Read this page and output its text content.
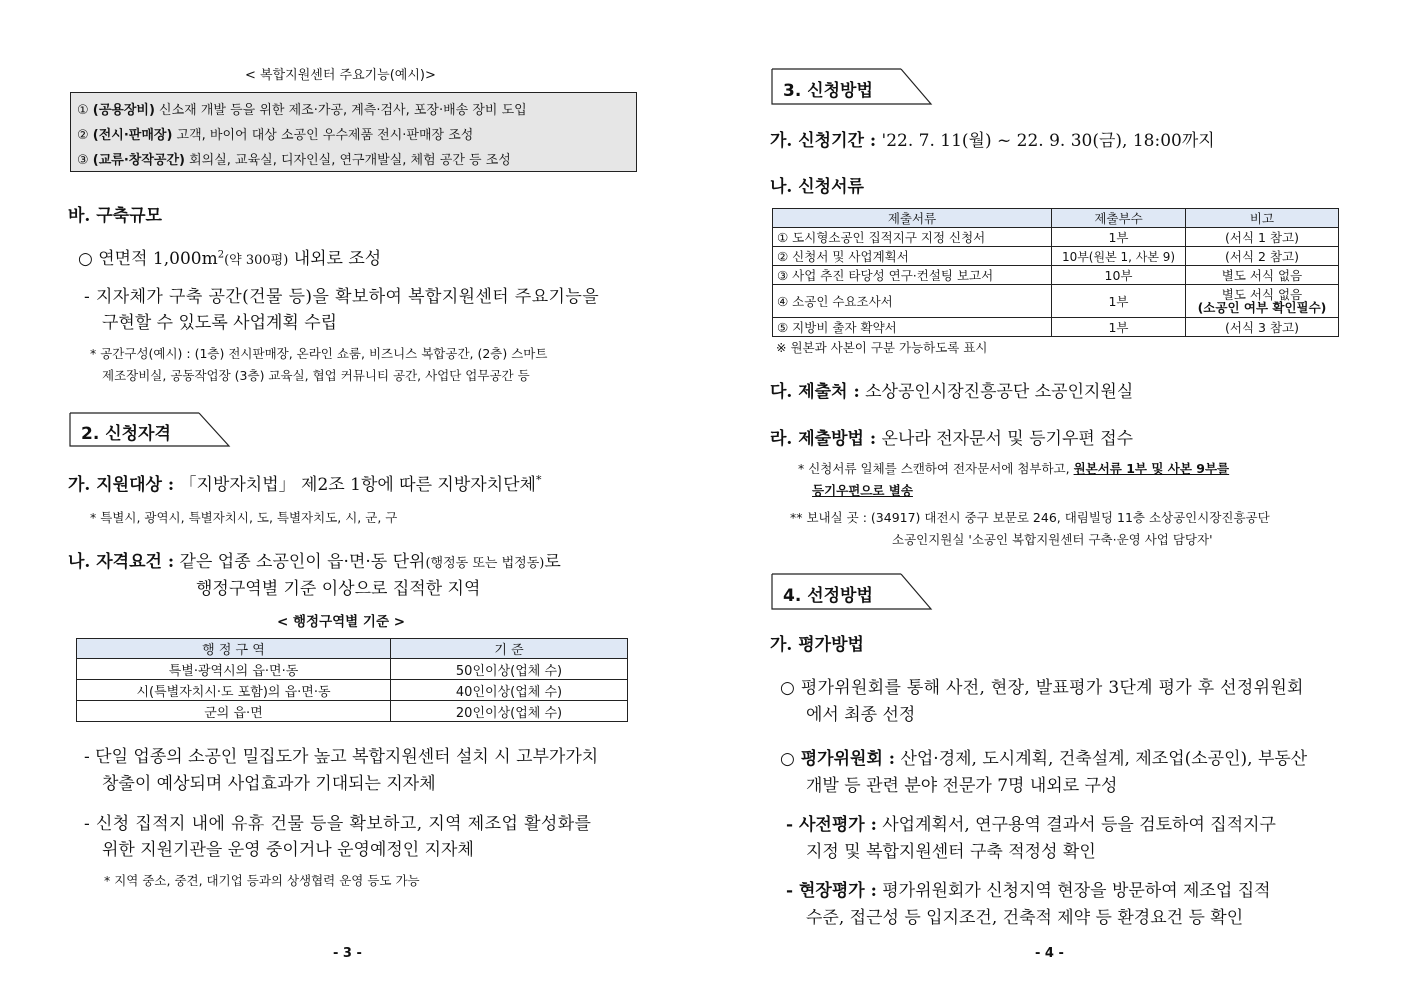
< 복합지원센터 주요기능(예시)>
① (공용장비) 신소재 개발 등을 위한 제조·가공, 계측·검사, 포장·배송 장비 도입
② (전시·판매장) 고객, 바이어 대상 소공인 우수제품 전시·판매장 조성
③ (교류·창작공간) 회의실, 교육실, 디자인실, 연구개발실, 체험 공간 등 조성
바. 구축규모
○ 연면적 $1,000m^2$(약 300평) 내외로 조성
- 지자체가 구축 공간(건물 등)을 확보하여 복합지원센터 주요기능을
구현할 수 있도록 사업계획 수립
* 공간구성(예시) : (1층) 전시판매장, 온라인 쇼룸, 비즈니스 복합공간, (2층) 스마트
제조장비실, 공동작업장 (3층) 교육실, 협업 커뮤니티 공간, 사업단 업무공간 등
2. 신청자격
가. 지원대상 : 「지방자치법」 제2조 1항에 따른 지방자치단체*
* 특별시, 광역시, 특별자치시, 도, 특별자치도, 시, 군, 구
나. 자격요건 : 같은 업종 소공인이 읍·면·동 단위(행정동 또는 법정동)로
행정구역별 기준 이상으로 집적한 지역
< 행정구역별 기준 >
행 정 구 역	기 준
특별·광역시의 읍·면·동	50인이상(업체 수)
시(특별자치시·도 포함)의 읍·면·동	40인이상(업체 수)
군의 읍·면	20인이상(업체 수)
- 단일 업종의 소공인 밀집도가 높고 복합지원센터 설치 시 고부가가치
창출이 예상되며 사업효과가 기대되는 지자체
- 신청 집적지 내에 유휴 건물 등을 확보하고, 지역 제조업 활성화를
위한 지원기관을 운영 중이거나 운영예정인 지자체
* 지역 중소, 중견, 대기업 등과의 상생협력 운영 등도 가능
- 3 -
3. 신청방법
가. 신청기간 : '22. 7. 11(월) ~ 22. 9. 30(금), 18:00까지
나. 신청서류
제출서류	제출부수	비고
① 도시형소공인 집적지구 지정 신청서	1부	(서식 1 참고)
② 신청서 및 사업계획서	10부(원본 1, 사본 9)	(서식 2 참고)
③ 사업 추진 타당성 연구·컨설팅 보고서	10부	별도 서식 없음
④ 소공인 수요조사서	1부	별도 서식 없음
(소공인 여부 확인필수)

⑤ 지방비 출자 확약서	1부	(서식 3 참고)
※ 원본과 사본이 구분 가능하도록 표시
다. 제출처 : 소상공인시장진흥공단 소공인지원실
라. 제출방법 : 온나라 전자문서 및 등기우편 접수
* 신청서류 일체를 스캔하여 전자문서에 첨부하고, 원본서류 1부 및 사본 9부를
등기우편으로 별송
** 보내실 곳 : (34917) 대전시 중구 보문로 246, 대림빌딩 11층 소상공인시장진흥공단
소공인지원실 '소공인 복합지원센터 구축·운영 사업 담당자'
4. 선정방법
가. 평가방법
○ 평가위원회를 통해 사전, 현장, 발표평가 3단계 평가 후 선정위원회
에서 최종 선정
○ 평가위원회 : 산업·경제, 도시계획, 건축설계, 제조업(소공인), 부동산
개발 등 관련 분야 전문가 7명 내외로 구성
- 사전평가 : 사업계획서, 연구용역 결과서 등을 검토하여 집적지구
지정 및 복합지원센터 구축 적정성 확인
- 현장평가 : 평가위원회가 신청지역 현장을 방문하여 제조업 집적
수준, 접근성 등 입지조건, 건축적 제약 등 환경요건 등 확인
- 4 -
